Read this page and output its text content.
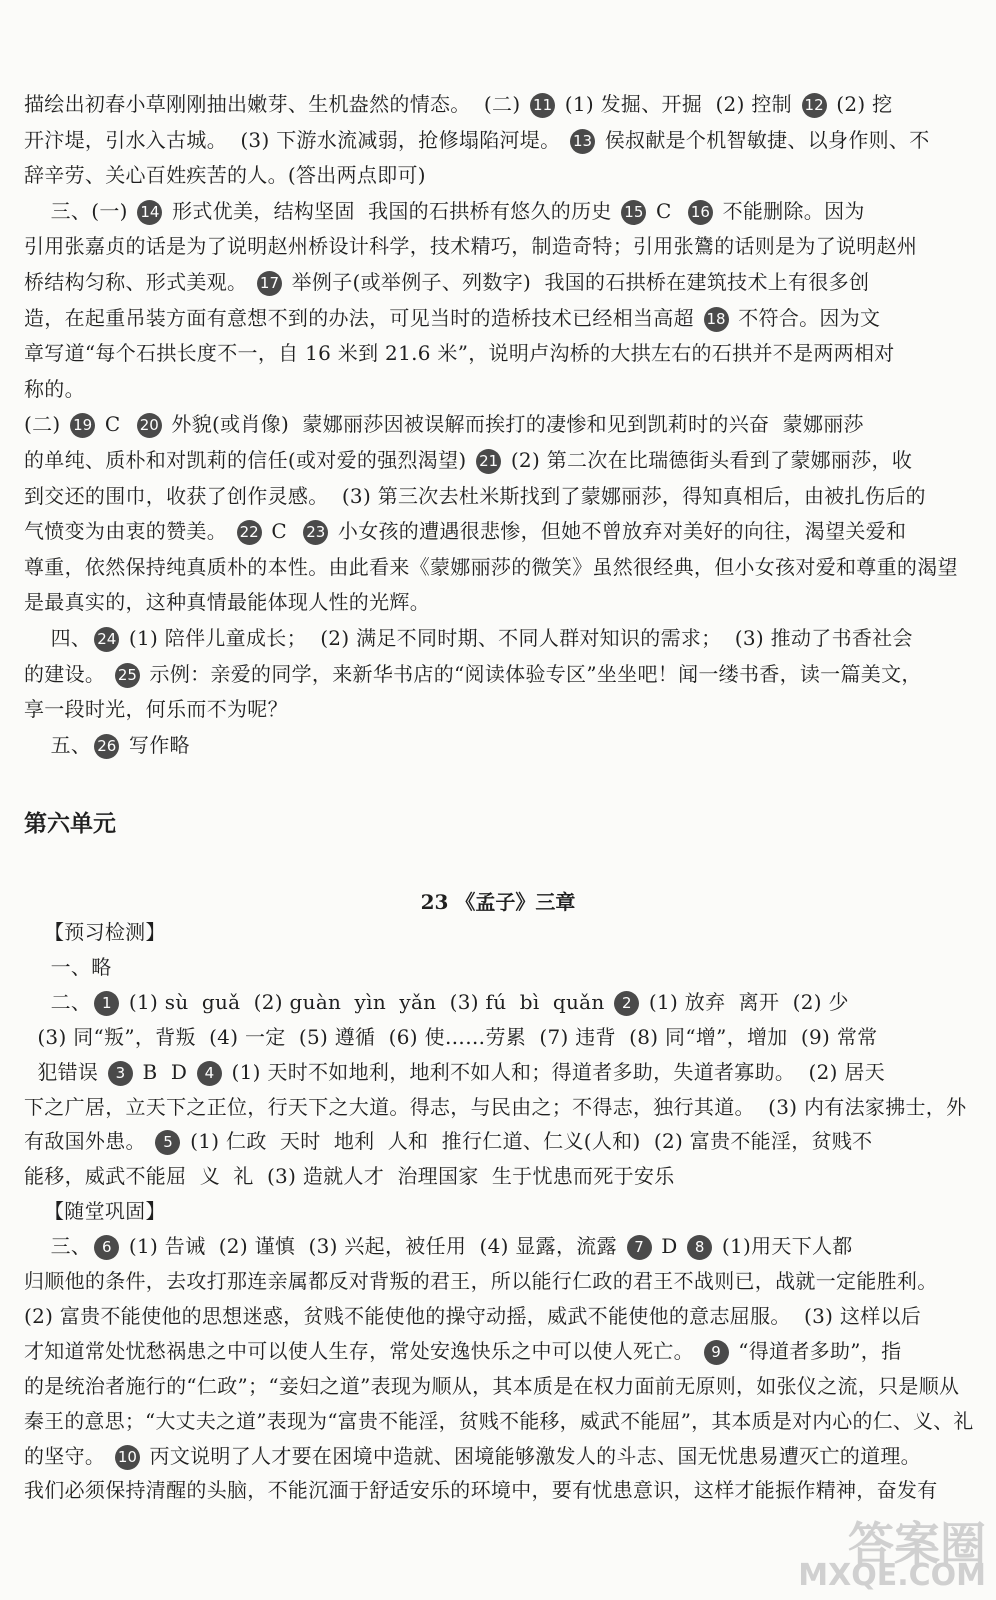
描绘出初春小草刚刚抽出嫩芽、生机盎然的情态。  (二) 11 (1) 发掘、开掘  (2) 控制 12 (2) 挖
开汴堤，引水入古城。  (3) 下游水流减弱，抢修塌陷河堤。 13 侯叔献是个机智敏捷、以身作则、不
辞辛劳、关心百姓疾苦的人。(答出两点即可)
三、(一) 14 形式优美，结构坚固  我国的石拱桥有悠久的历史 15 C  16 不能删除。因为
引用张嘉贞的话是为了说明赵州桥设计科学，技术精巧，制造奇特；引用张鷟的话则是为了说明赵州
桥结构匀称、形式美观。 17 举例子(或举例子、列数字)  我国的石拱桥在建筑技术上有很多创
造，在起重吊装方面有意想不到的办法，可见当时的造桥技术已经相当高超 18 不符合。因为文
章写道“每个石拱长度不一，自 16 米到 21.6 米”，说明卢沟桥的大拱左右的石拱并不是两两相对
称的。
(二) 19 C  20 外貌(或肖像)  蒙娜丽莎因被误解而挨打的凄惨和见到凯莉时的兴奋  蒙娜丽莎
的单纯、质朴和对凯莉的信任(或对爱的强烈渴望) 21 (2) 第二次在比瑞德街头看到了蒙娜丽莎，收
到交还的围巾，收获了创作灵感。  (3) 第三次去杜米斯找到了蒙娜丽莎，得知真相后，由被扎伤后的
气愤变为由衷的赞美。 22 C  23 小女孩的遭遇很悲惨，但她不曾放弃对美好的向往，渴望关爱和
尊重，依然保持纯真质朴的本性。由此看来《蒙娜丽莎的微笑》虽然很经典，但小女孩对爱和尊重的渴望
是最真实的，这种真情最能体现人性的光辉。
四、 24 (1) 陪伴儿童成长；  (2) 满足不同时期、不同人群对知识的需求；  (3) 推动了书香社会
的建设。 25 示例：亲爱的同学，来新华书店的“阅读体验专区”坐坐吧！闻一缕书香，读一篇美文，
享一段时光，何乐而不为呢？
五、 26 写作略
第六单元
23 《孟子》三章
【预习检测】
一、略
二、 1 (1) sù  guǎ  (2) guàn  yìn  yǎn  (3) fú  bì  quǎn 2 (1) 放弃  离开  (2) 少
(3) 同“叛”，背叛  (4) 一定  (5) 遵循  (6) 使……劳累  (7) 违背  (8) 同“增”，增加  (9) 常常
犯错误 3 B  D 4 (1) 天时不如地利，地利不如人和；得道者多助，失道者寡助。  (2) 居天
下之广居，立天下之正位，行天下之大道。得志，与民由之；不得志，独行其道。  (3) 内有法家拂士，外
有敌国外患。 5 (1) 仁政  天时  地利  人和  推行仁道、仁义(人和)  (2) 富贵不能淫，贫贱不
能移，威武不能屈  义  礼  (3) 造就人才  治理国家  生于忧患而死于安乐
【随堂巩固】
三、 6 (1) 告诫  (2) 谨慎  (3) 兴起，被任用  (4) 显露，流露 7 D 8 (1)用天下人都
归顺他的条件，去攻打那连亲属都反对背叛的君王，所以能行仁政的君王不战则已，战就一定能胜利。
(2) 富贵不能使他的思想迷惑，贫贱不能使他的操守动摇，威武不能使他的意志屈服。  (3) 这样以后
才知道常处忧愁祸患之中可以使人生存，常处安逸快乐之中可以使人死亡。 9 “得道者多助”，指
的是统治者施行的“仁政”；“妾妇之道”表现为顺从，其本质是在权力面前无原则，如张仪之流，只是顺从
秦王的意思；“大丈夫之道”表现为“富贵不能淫，贫贱不能移，威武不能屈”，其本质是对内心的仁、义、礼
的坚守。 10 丙文说明了人才要在困境中造就、困境能够激发人的斗志、国无忧患易遭灭亡的道理。
我们必须保持清醒的头脑，不能沉湎于舒适安乐的环境中，要有忧患意识，这样才能振作精神，奋发有
答案圈
MXQE.COM
